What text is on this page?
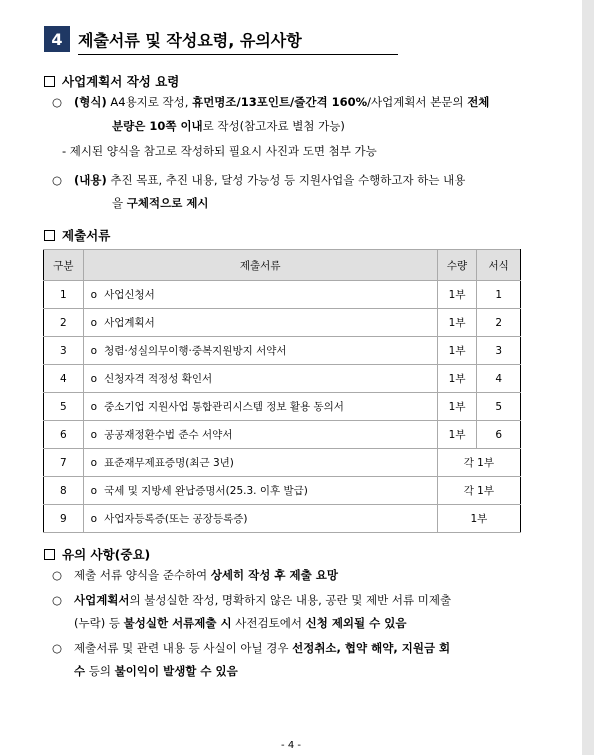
4 제출서류 및 작성요령, 유의사항
사업계획서 작성 요령
○ (형식) A4용지로 작성, 휴먼명조/13포인트/줄간격 160%/사업계획서 본문의 전체
분량은 10쪽 이내로 작성(참고자료 별첨 가능)
- 제시된 양식을 참고로 작성하되 필요시 사진과 도면 첨부 가능
○ (내용) 추진 목표, 추진 내용, 달성 가능성 등 지원사업을 수행하고자 하는 내용
을 구체적으로 제시
제출서류
구분	제출서류	수량	서식
1	o 사업신청서	1부	1
2	o 사업계획서	1부	2
3	o 청렴·성실의무이행·중복지원방지 서약서	1부	3
4	o 신청자격 적정성 확인서	1부	4
5	o 중소기업 지원사업 통합관리시스템 정보 활용 동의서	1부	5
6	o 공공재정환수법 준수 서약서	1부	6
7	o 표준재무제표증명(최근 3년)	각 1부	
8	o 국세 및 지방세 완납증명서(25.3. 이후 발급)	각 1부	
9	o 사업자등록증(또는 공장등록증)	1부	
유의 사항(중요)
○ 제출 서류 양식을 준수하여 상세히 작성 후 제출 요망
○ 사업계획서의 불성실한 작성, 명확하지 않은 내용, 공란 및 제반 서류 미제출
(누락) 등 불성실한 서류제출 시 사전검토에서 신청 제외될 수 있음
○ 제출서류 및 관련 내용 등 사실이 아닐 경우 선정취소, 협약 해약, 지원금 회
수 등의 불이익이 발생할 수 있음
- 4 -
